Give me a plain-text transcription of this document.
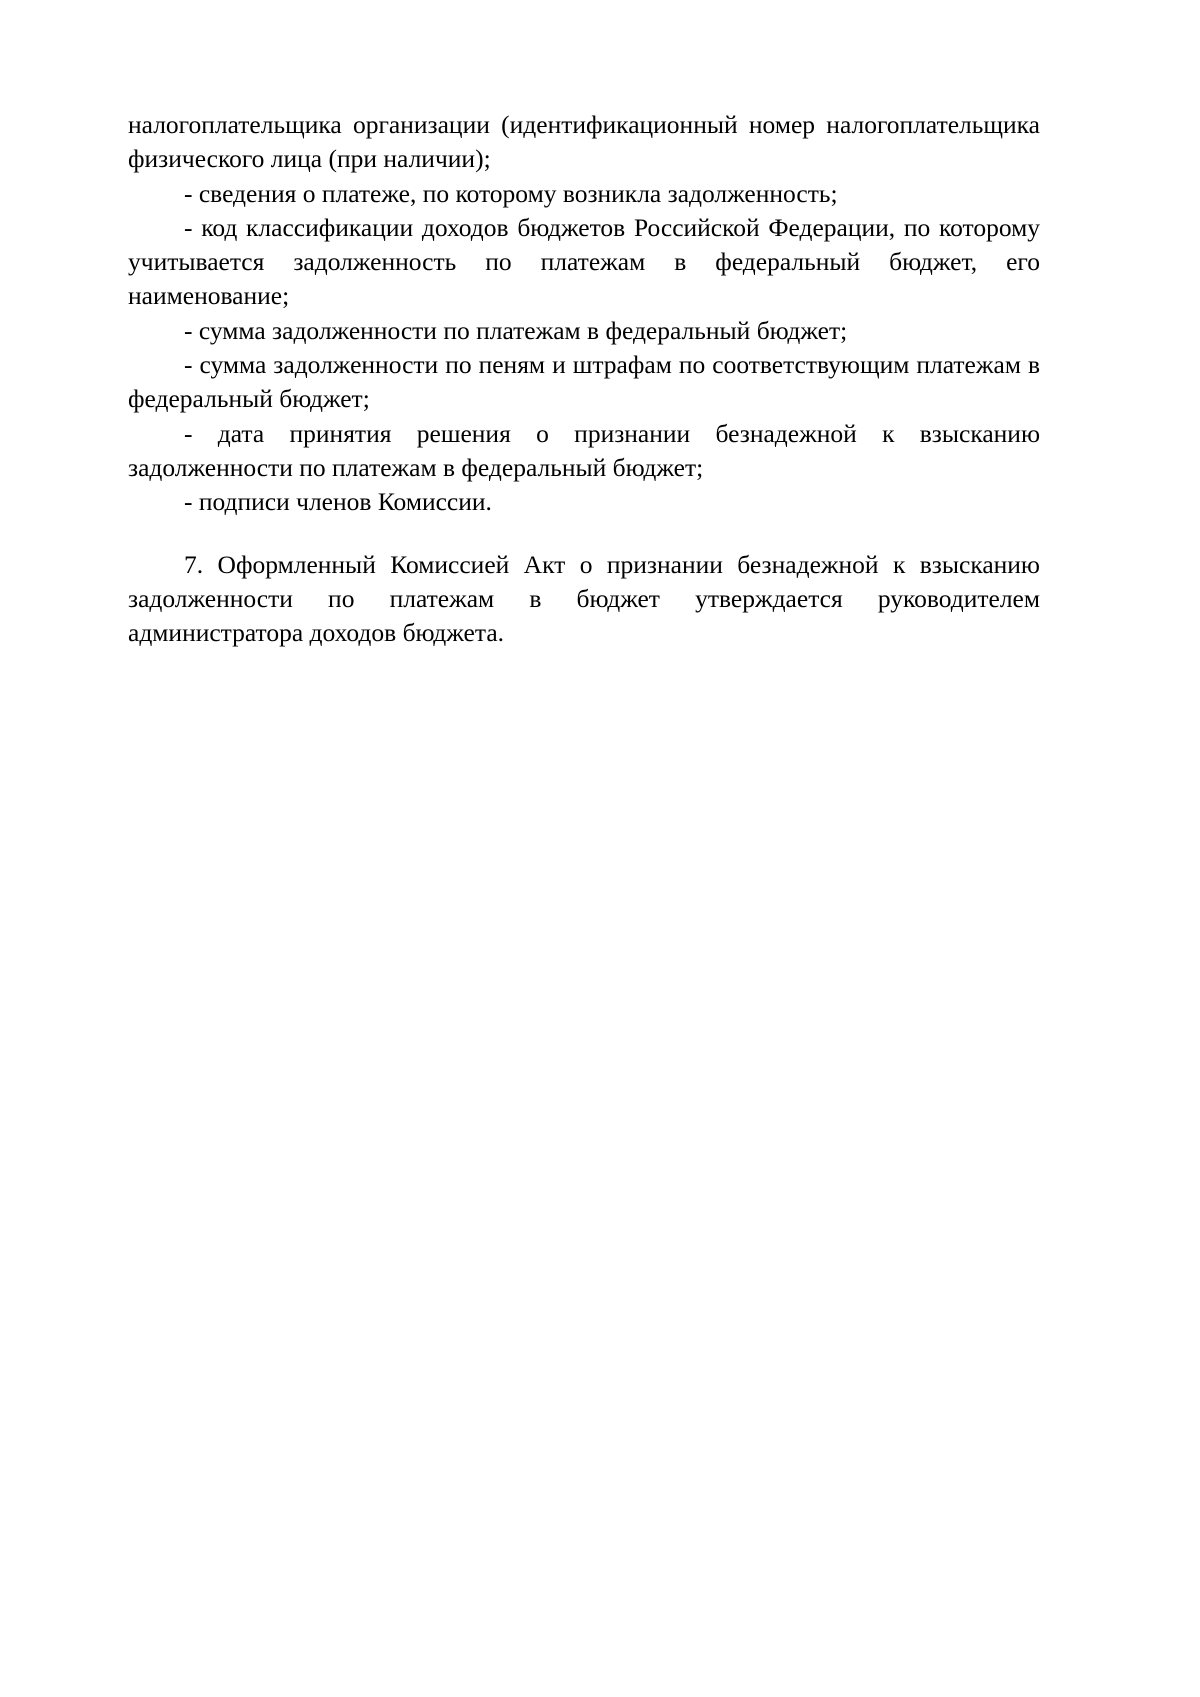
налогоплательщика организации (идентификационный номер налогоплательщика физического лица (при наличии);

- сведения о платеже, по которому возникла задолженность;

- код классификации доходов бюджетов Российской Федерации, по которому учитывается задолженность по платежам в федеральный бюджет, его наименование;

- сумма задолженности по платежам в федеральный бюджет;

- сумма задолженности по пеням и штрафам по соответствующим платежам в федеральный бюджет;

- дата принятия решения о признании безнадежной к взысканию задолженности по платежам в федеральный бюджет;

- подписи членов Комиссии.

7. Оформленный Комиссией Акт о признании безнадежной к взысканию задолженности по платежам в бюджет утверждается руководителем администратора доходов бюджета.
